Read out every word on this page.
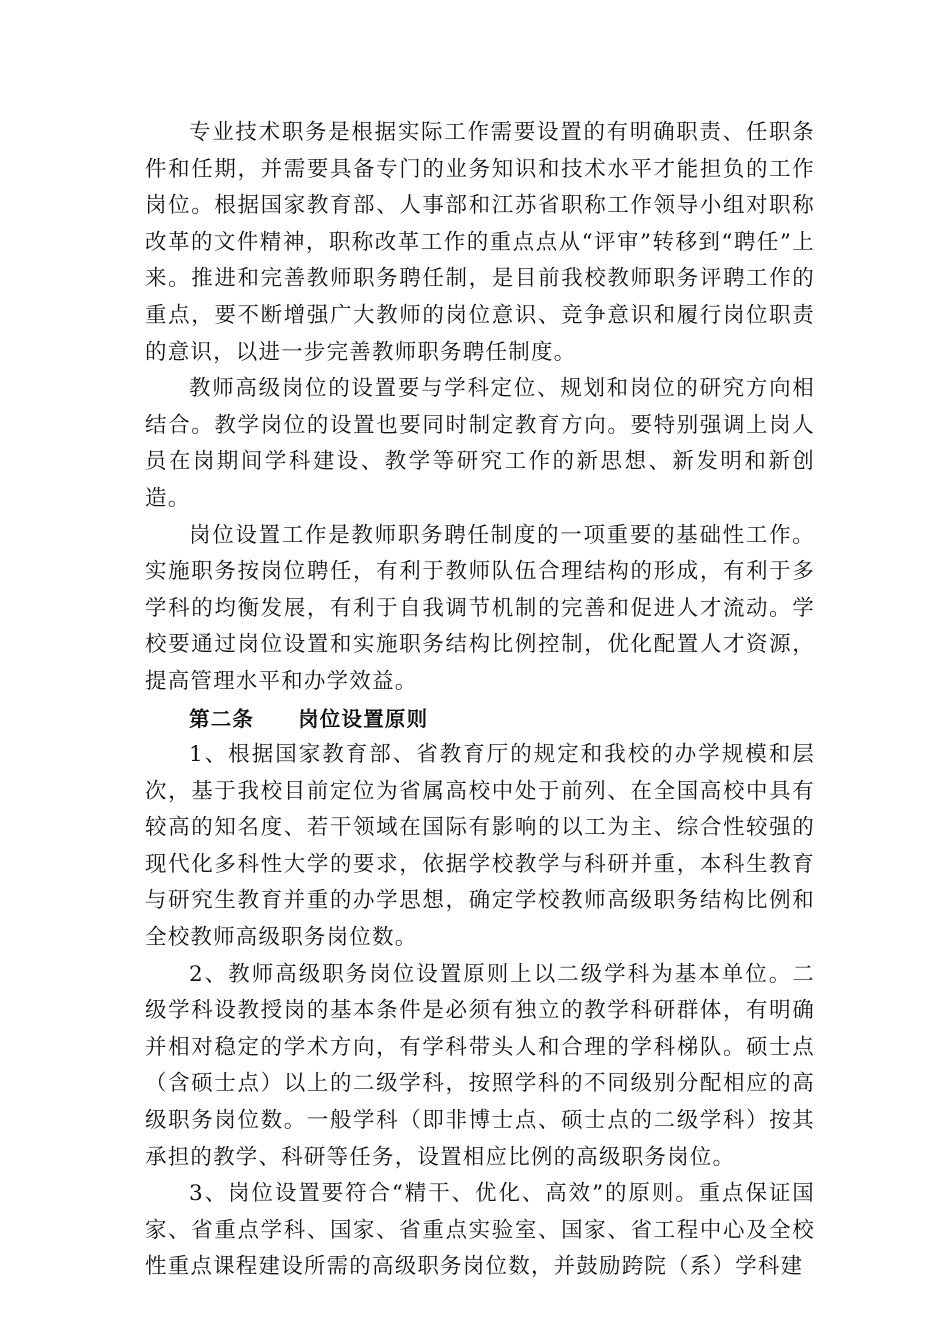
专业技术职务是根据实际工作需要设置的有明确职责、任职条件和任期，并需要具备专门的业务知识和技术水平才能担负的工作岗位。根据国家教育部、人事部和江苏省职称工作领导小组对职称改革的文件精神，职称改革工作的重点点从“评审”转移到“聘任”上来。推进和完善教师职务聘任制，是目前我校教师职务评聘工作的重点，要不断增强广大教师的岗位意识、竞争意识和履行岗位职责的意识，以进一步完善教师职务聘任制度。

教师高级岗位的设置要与学科定位、规划和岗位的研究方向相结合。教学岗位的设置也要同时制定教育方向。要特别强调上岗人员在岗期间学科建设、教学等研究工作的新思想、新发明和新创造。

岗位设置工作是教师职务聘任制度的一项重要的基础性工作。实施职务按岗位聘任，有利于教师队伍合理结构的形成，有利于多学科的均衡发展，有利于自我调节机制的完善和促进人才流动。学校要通过岗位设置和实施职务结构比例控制，优化配置人才资源，提高管理水平和办学效益。

第二条 岗位设置原则

1、根据国家教育部、省教育厅的规定和我校的办学规模和层次，基于我校目前定位为省属高校中处于前列、在全国高校中具有较高的知名度、若干领域在国际有影响的以工为主、综合性较强的现代化多科性大学的要求，依据学校教学与科研并重，本科生教育与研究生教育并重的办学思想，确定学校教师高级职务结构比例和全校教师高级职务岗位数。

2、教师高级职务岗位设置原则上以二级学科为基本单位。二级学科设教授岗的基本条件是必须有独立的教学科研群体，有明确并相对稳定的学术方向，有学科带头人和合理的学科梯队。硕士点（含硕士点）以上的二级学科，按照学科的不同级别分配相应的高级职务岗位数。一般学科（即非博士点、硕士点的二级学科）按其承担的教学、科研等任务，设置相应比例的高级职务岗位。

3、岗位设置要符合“精干、优化、高效”的原则。重点保证国家、省重点学科、国家、省重点实验室、国家、省工程中心及全校性重点课程建设所需的高级职务岗位数，并鼓励跨院（系）学科建
